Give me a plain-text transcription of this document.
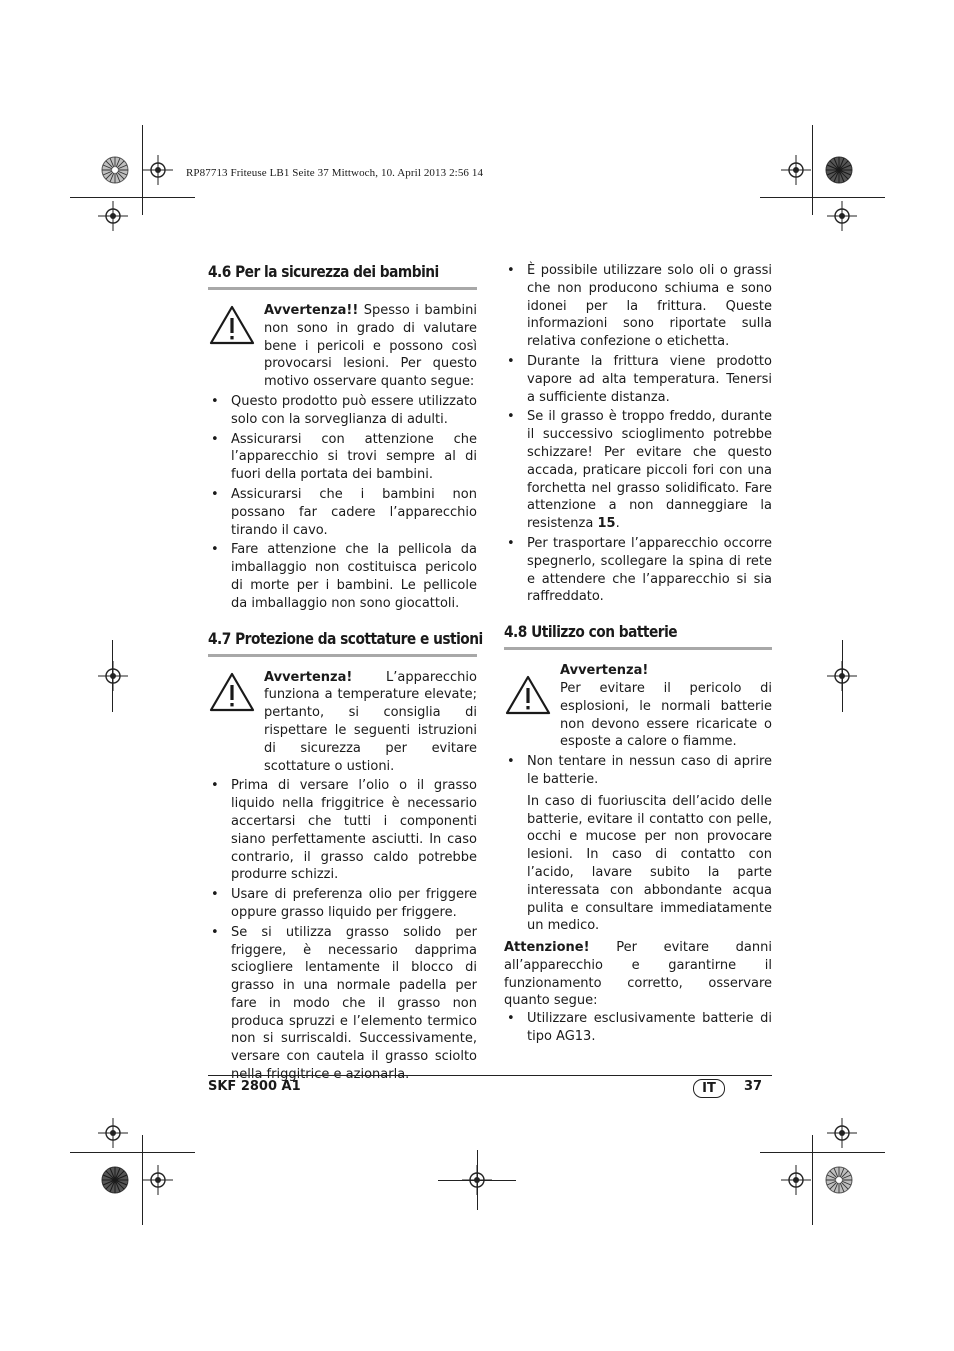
RP87713 Friteuse LB1 Seite 37 Mittwoch, 10. April 2013 2:56 14
4.6 Per la sicurezza dei bambini
Avvertenza!! Spesso i bambini non sono in grado di valutare bene i pericoli e possono così provocarsi lesioni. Per questo motivo osservare quanto segue:
• Questo prodotto può essere utilizzato solo con la sorveglianza di adulti.
• Assicurarsi con attenzione che l’apparecchio si trovi sempre al di fuori della portata dei bambini.
• Assicurarsi che i bambini non possano far cadere l’apparecchio tirando il cavo.
• Fare attenzione che la pellicola da imballaggio non costituisca pericolo di morte per i bambini. Le pellicole da imballaggio non sono giocattoli.
4.7 Protezione da scottature e ustioni
Avvertenza! L’apparecchio funziona a temperature elevate; pertanto, si consiglia di rispettare le seguenti istruzioni di sicurezza per evitare scottature o ustioni.
• Prima di versare l’olio o il grasso liquido nella friggitrice è necessario accertarsi che tutti i componenti siano perfettamente asciutti. In caso contrario, il grasso caldo potrebbe produrre schizzi.
• Usare di preferenza olio per friggere oppure grasso liquido per friggere.
• Se si utilizza grasso solido per friggere, è necessario dapprima sciogliere lentamente il blocco di grasso in una normale padella per fare in modo che il grasso non produca spruzzi e l’elemento termico non si surriscaldi. Successivamente, versare con cautela il grasso sciolto nella friggitrice e azionarla.
• È possibile utilizzare solo oli o grassi che non producono schiuma e sono idonei per la frittura. Queste informazioni sono riportate sulla relativa confezione o etichetta.
• Durante la frittura viene prodotto vapore ad alta temperatura. Tenersi a sufficiente distanza.
• Se il grasso è troppo freddo, durante il successivo scioglimento potrebbe schizzare! Per evitare che questo accada, praticare piccoli fori con una forchetta nel grasso solidificato. Fare attenzione a non danneggiare la resistenza 15.
• Per trasportare l’apparecchio occorre spegnerlo, scollegare la spina di rete e attendere che l’apparecchio si sia raffreddato.
4.8 Utilizzo con batterie
Avvertenza!
Per evitare il pericolo di esplosioni, le normali batterie non devono essere ricaricate o esposte a calore o fiamme.
• Non tentare in nessun caso di aprire le batterie.
In caso di fuoriuscita dell’acido delle batterie, evitare il contatto con pelle, occhi e mucose per non provocare lesioni. In caso di contatto con l’acido, lavare subito la parte interessata con abbondante acqua pulita e consultare immediatamente un medico.
Attenzione! Per evitare danni all’apparecchio e garantirne il funzionamento corretto, osservare quanto segue:
• Utilizzare esclusivamente batterie di tipo AG13.
SKF 2800 A1	IT	37
